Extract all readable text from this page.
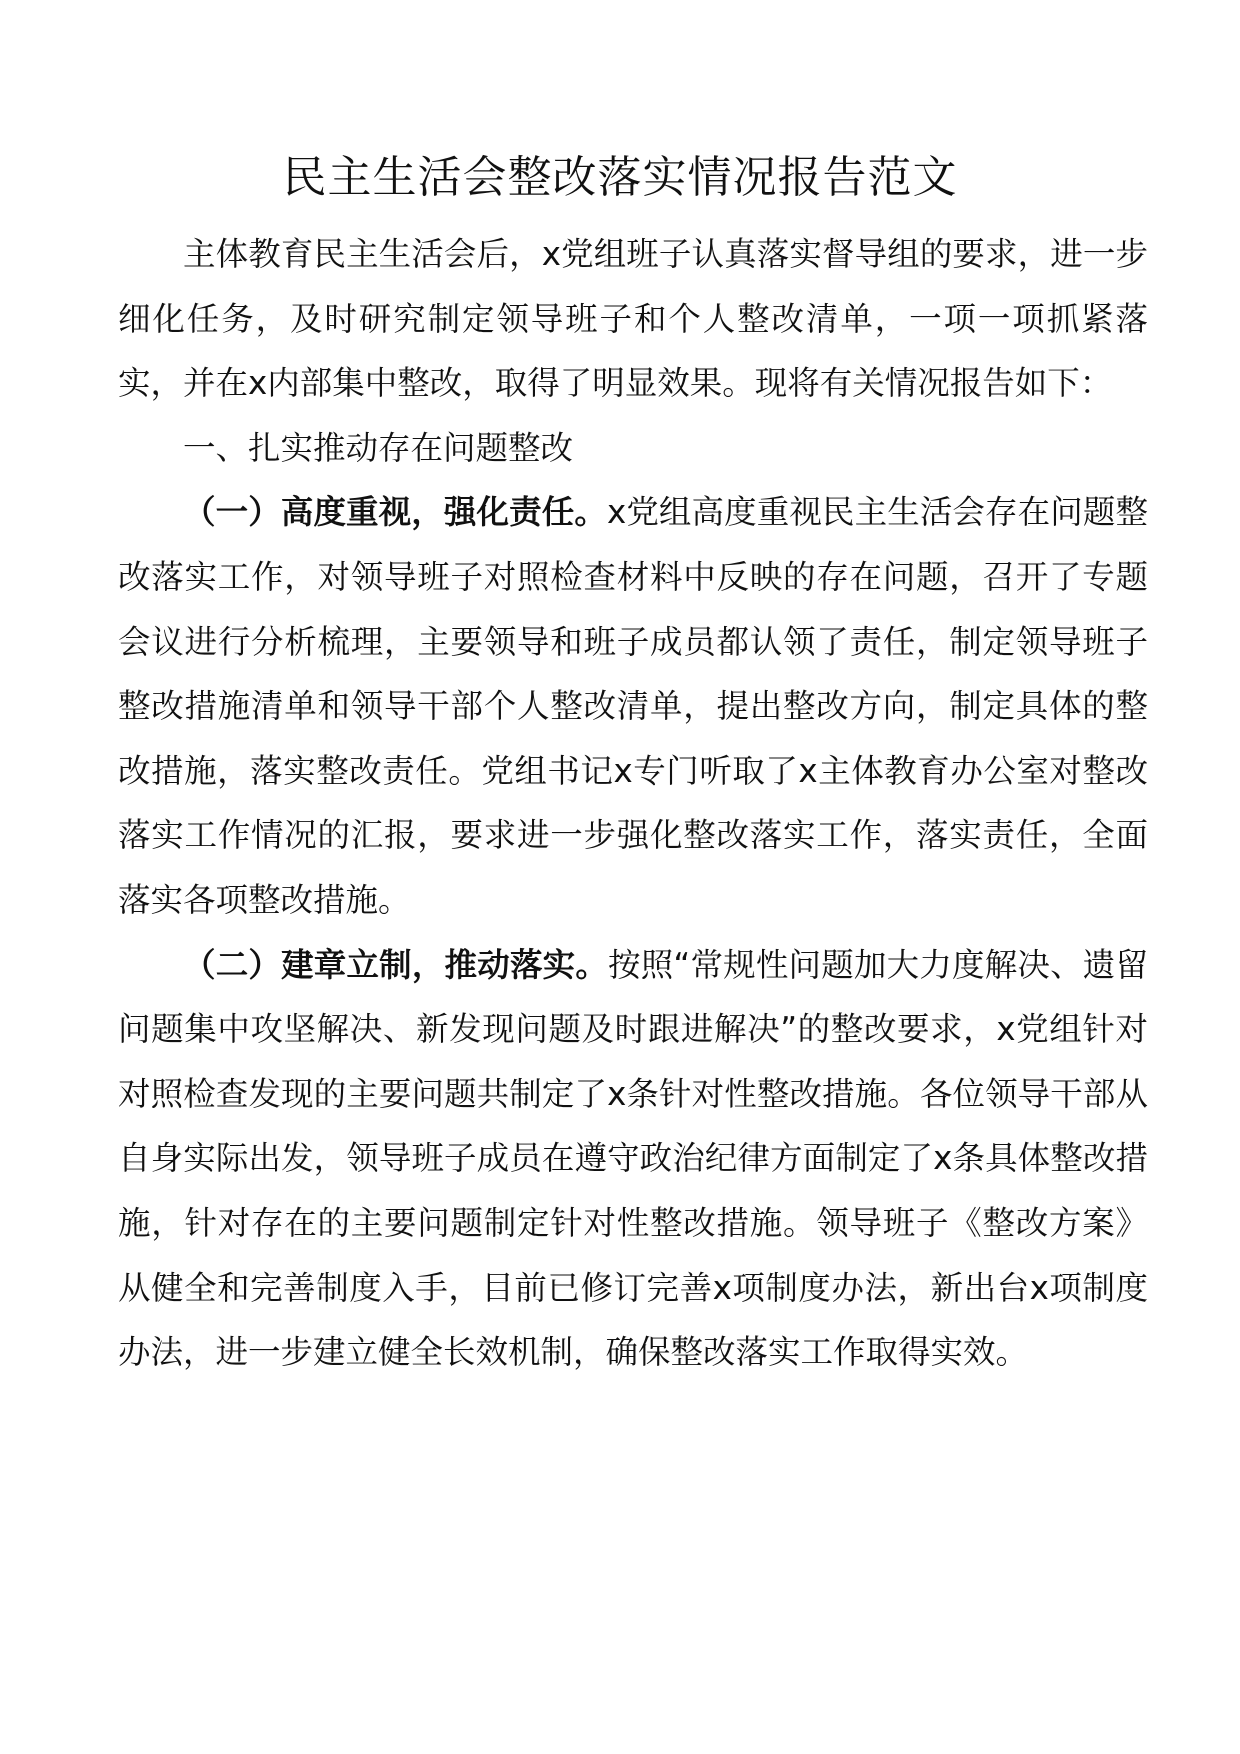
民主生活会整改落实情况报告范文

主体教育民主生活会后，x党组班子认真落实督导组的要求，进一步细化任务，及时研究制定领导班子和个人整改清单，一项一项抓紧落实，并在x内部集中整改，取得了明显效果。现将有关情况报告如下：

一、扎实推动存在问题整改

（一）高度重视，强化责任。x党组高度重视民主生活会存在问题整改落实工作，对领导班子对照检查材料中反映的存在问题，召开了专题会议进行分析梳理，主要领导和班子成员都认领了责任，制定领导班子整改措施清单和领导干部个人整改清单，提出整改方向，制定具体的整改措施，落实整改责任。党组书记x专门听取了x主体教育办公室对整改落实工作情况的汇报，要求进一步强化整改落实工作，落实责任，全面落实各项整改措施。

（二）建章立制，推动落实。按照“常规性问题加大力度解决、遗留问题集中攻坚解决、新发现问题及时跟进解决”的整改要求，x党组针对对照检查发现的主要问题共制定了x条针对性整改措施。各位领导干部从自身实际出发，领导班子成员在遵守政治纪律方面制定了x条具体整改措施，针对存在的主要问题制定针对性整改措施。领导班子《整改方案》从健全和完善制度入手，目前已修订完善x项制度办法，新出台x项制度办法，进一步建立健全长效机制，确保整改落实工作取得实效。
